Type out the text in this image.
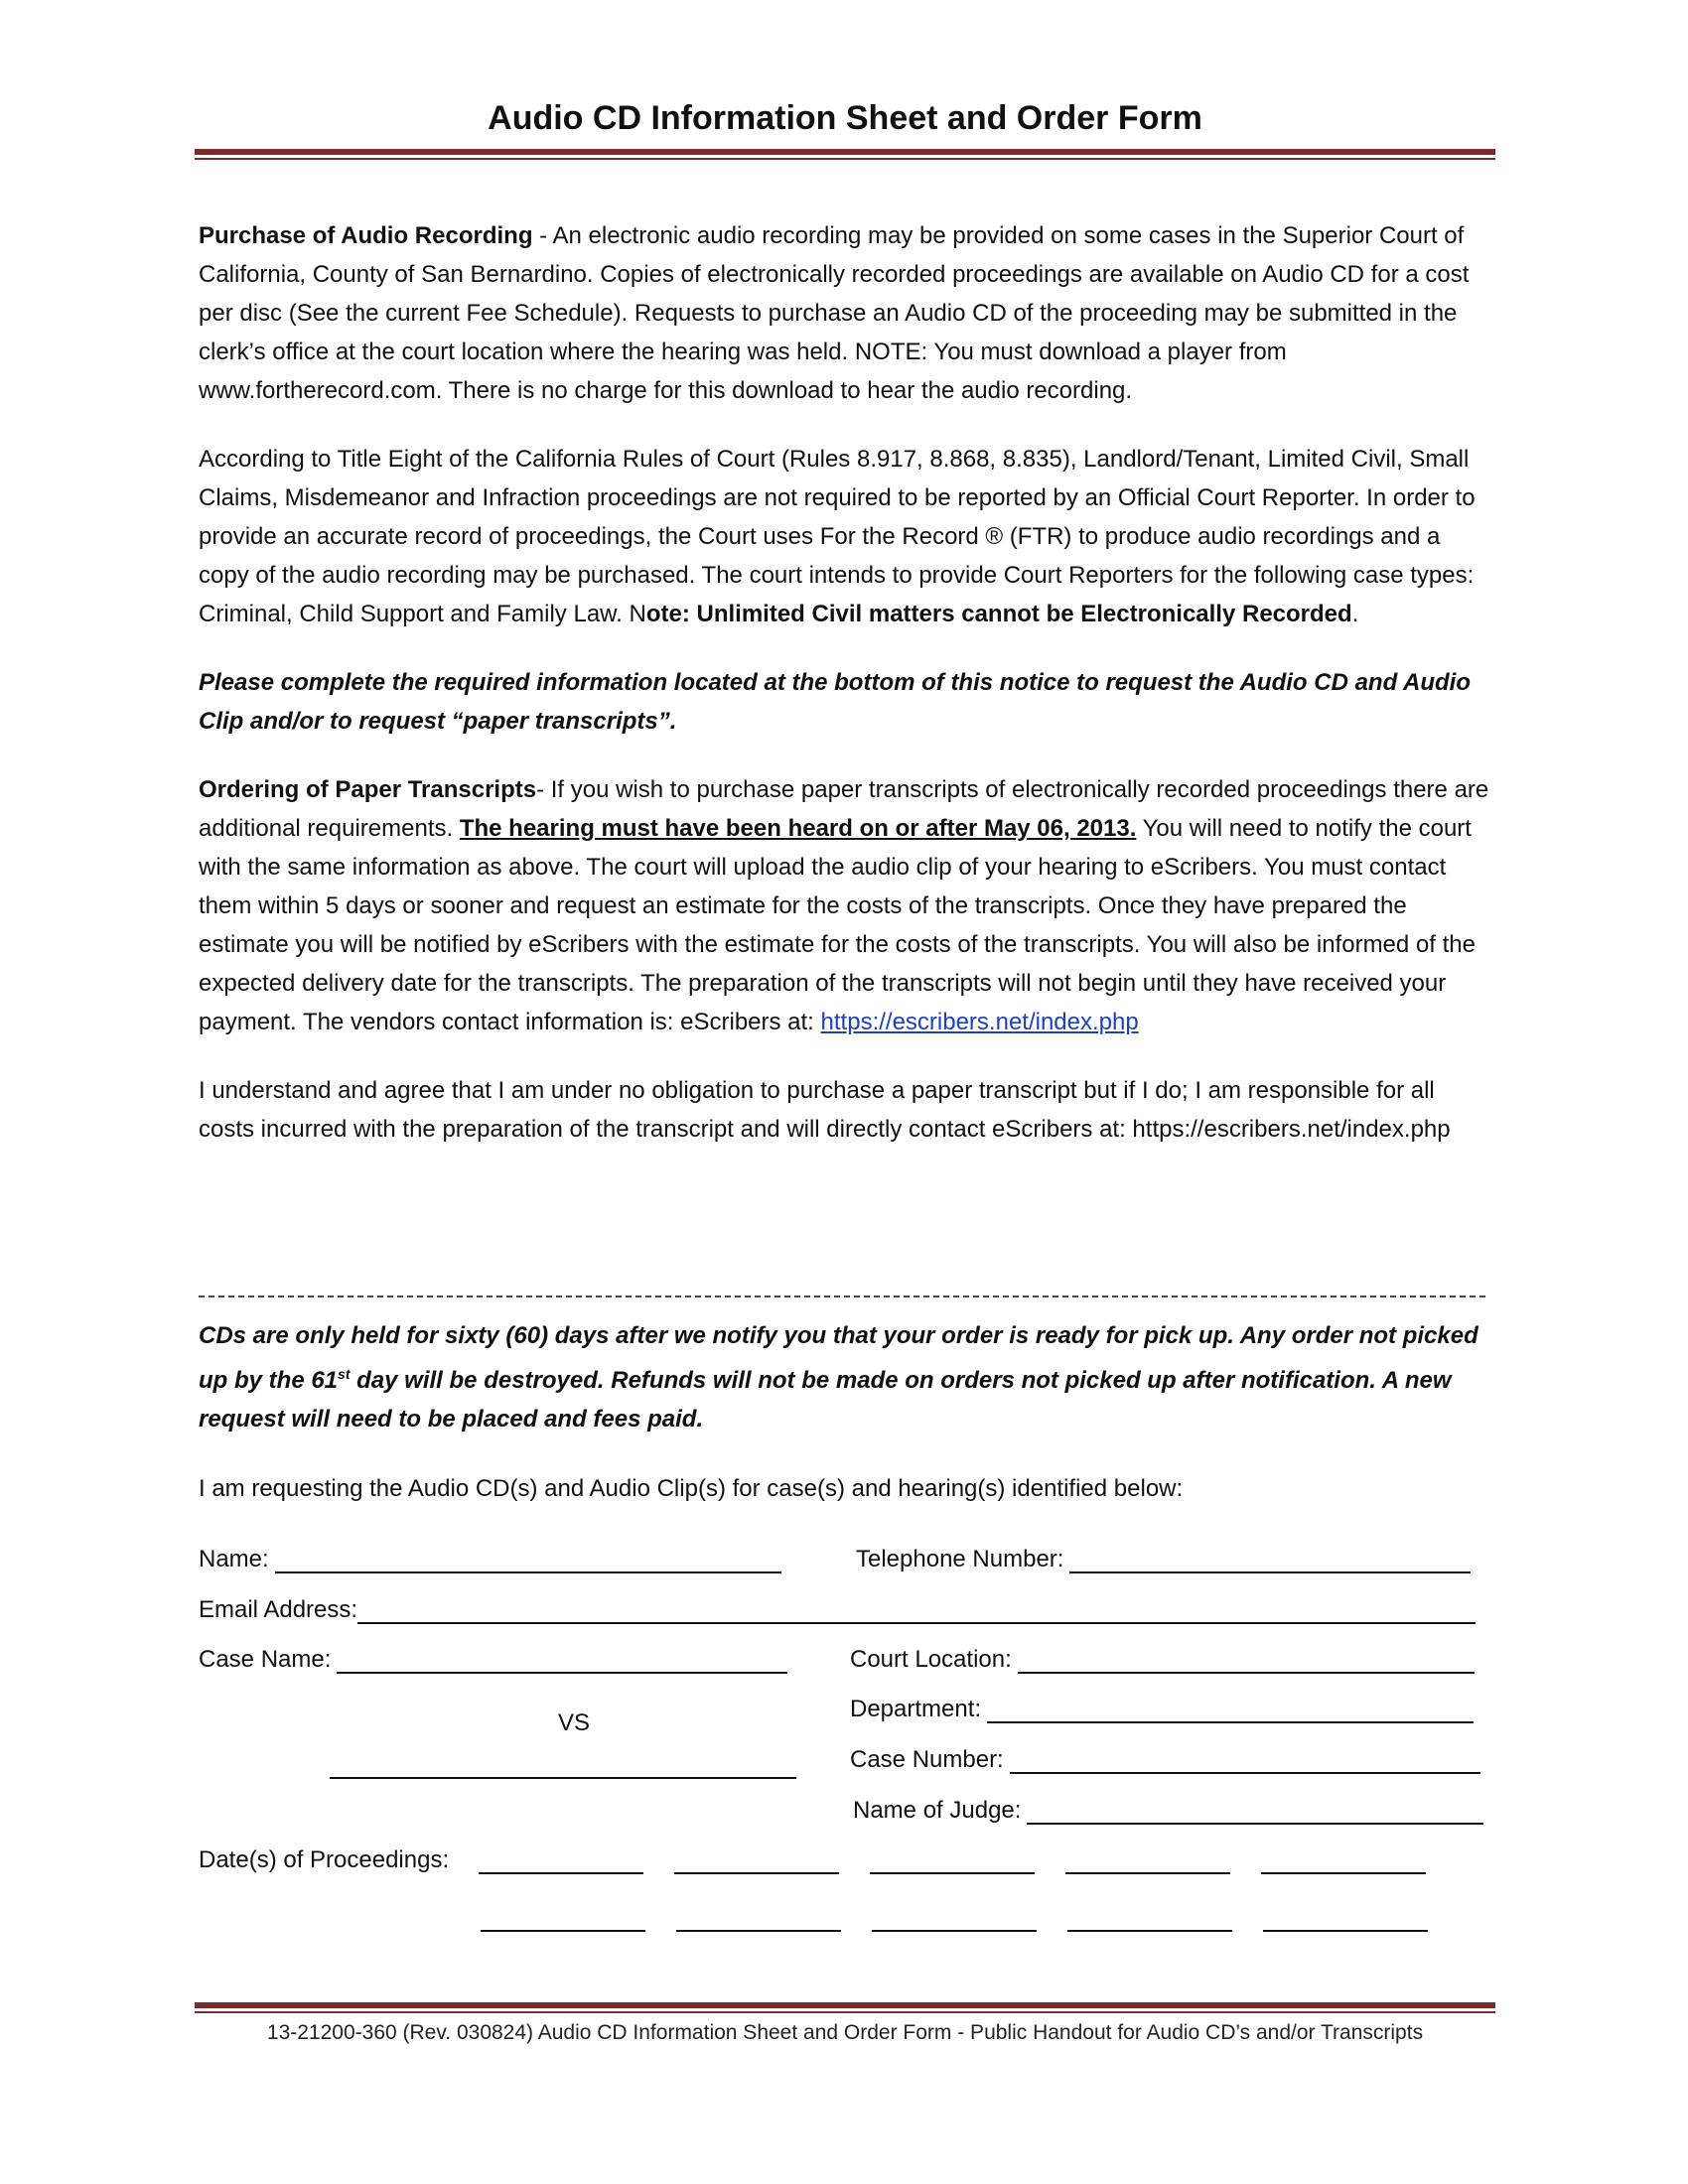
Audio CD Information Sheet and Order Form

Purchase of Audio Recording - An electronic audio recording may be provided on some cases in the Superior Court of California, County of San Bernardino. Copies of electronically recorded proceedings are available on Audio CD for a cost per disc (See the current Fee Schedule). Requests to purchase an Audio CD of the proceeding may be submitted in the clerk’s office at the court location where the hearing was held. NOTE: You must download a player from www.fortherecord.com. There is no charge for this download to hear the audio recording.

According to Title Eight of the California Rules of Court (Rules 8.917, 8.868, 8.835), Landlord/Tenant, Limited Civil, Small Claims, Misdemeanor and Infraction proceedings are not required to be reported by an Official Court Reporter. In order to provide an accurate record of proceedings, the Court uses For the Record ® (FTR) to produce audio recordings and a copy of the audio recording may be purchased. The court intends to provide Court Reporters for the following case types: Criminal, Child Support and Family Law. Note: Unlimited Civil matters cannot be Electronically Recorded.

Please complete the required information located at the bottom of this notice to request the Audio CD and Audio Clip and/or to request “paper transcripts”.

Ordering of Paper Transcripts- If you wish to purchase paper transcripts of electronically recorded proceedings there are additional requirements. The hearing must have been heard on or after May 06, 2013. You will need to notify the court with the same information as above. The court will upload the audio clip of your hearing to eScribers. You must contact them within 5 days or sooner and request an estimate for the costs of the transcripts. Once they have prepared the estimate you will be notified by eScribers with the estimate for the costs of the transcripts. You will also be informed of the expected delivery date for the transcripts. The preparation of the transcripts will not begin until they have received your payment. The vendors contact information is: eScribers at: https://escribers.net/index.php

I understand and agree that I am under no obligation to purchase a paper transcript but if I do; I am responsible for all costs incurred with the preparation of the transcript and will directly contact eScribers at: https://escribers.net/index.php

CDs are only held for sixty (60) days after we notify you that your order is ready for pick up. Any order not picked up by the 61st day will be destroyed. Refunds will not be made on orders not picked up after notification. A new request will need to be placed and fees paid.
I am requesting the Audio CD(s) and Audio Clip(s) for case(s) and hearing(s) identified below:
Name:	Telephone Number:
Email Address:
Case Name:	Court Location:
VS
Department:
Case Number:
Name of Judge:
Date(s) of Proceedings:
13-21200-360 (Rev. 030824) Audio CD Information Sheet and Order Form - Public Handout for Audio CD’s and/or Transcripts
